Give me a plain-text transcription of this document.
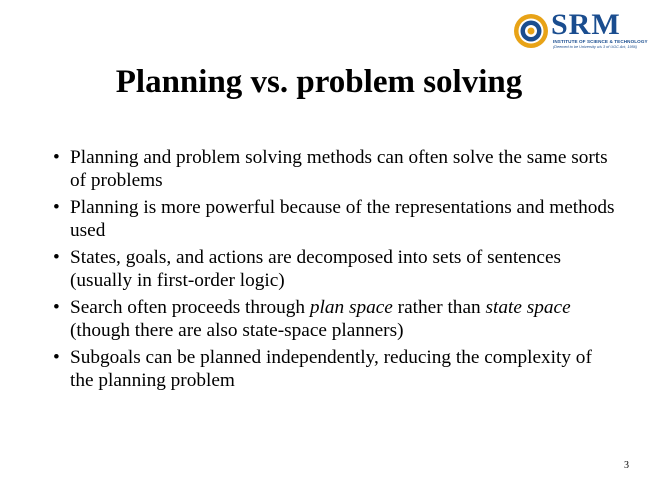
SRM
INSTITUTE OF SCIENCE & TECHNOLOGY
(Deemed to be University u/s 3 of UGC Act, 1956)
Planning vs. problem solving
• Planning and problem solving methods can often solve the same sorts of problems
• Planning is more powerful because of the representations and methods used
• States, goals, and actions are decomposed into sets of sentences (usually in first-order logic)
• Search often proceeds through plan space rather than state space (though there are also state-space planners)
• Subgoals can be planned independently, reducing the complexity of the planning problem
3
